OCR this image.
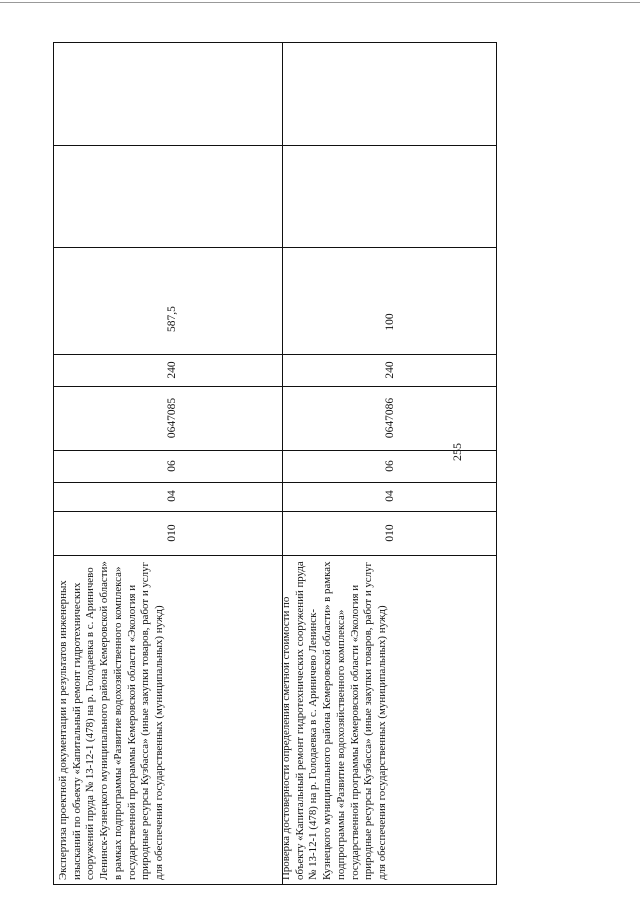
255
Экспертиза проектной документации и результатов инженерных изысканий по объекту «Капитальный ремонт гидротехнических сооружений пруда № 13-12-1 (478) на р. Голодаевка в с. Ариничево Ленинск-Кузнецкого муниципального района Кемеровской области» в рамках подпрограммы «Развитие водохозяйственного комплекса» государственной программы Кемеровской области «Экология и природные ресурсы Кузбасса» (иные закупки товаров, работ и услуг для обеспечения государственных (муниципальных) нужд)
010
04
06
0647085
240
587,5
Проверка достоверности определения сметной стоимости по объекту «Капитальный ремонт гидротехнических сооружений пруда № 13-12-1 (478) на р. Голодаевка в с. Ариничево Ленинск-Кузнецкого муниципального района Кемеровской области» в рамках подпрограммы «Развитие водохозяйственного комплекса» государственной программы Кемеровской области «Экология и природные ресурсы Кузбасса» (иные закупки товаров, работ и услуг для обеспечения государственных (муниципальных) нужд)
010
04
06
0647086
240
100
